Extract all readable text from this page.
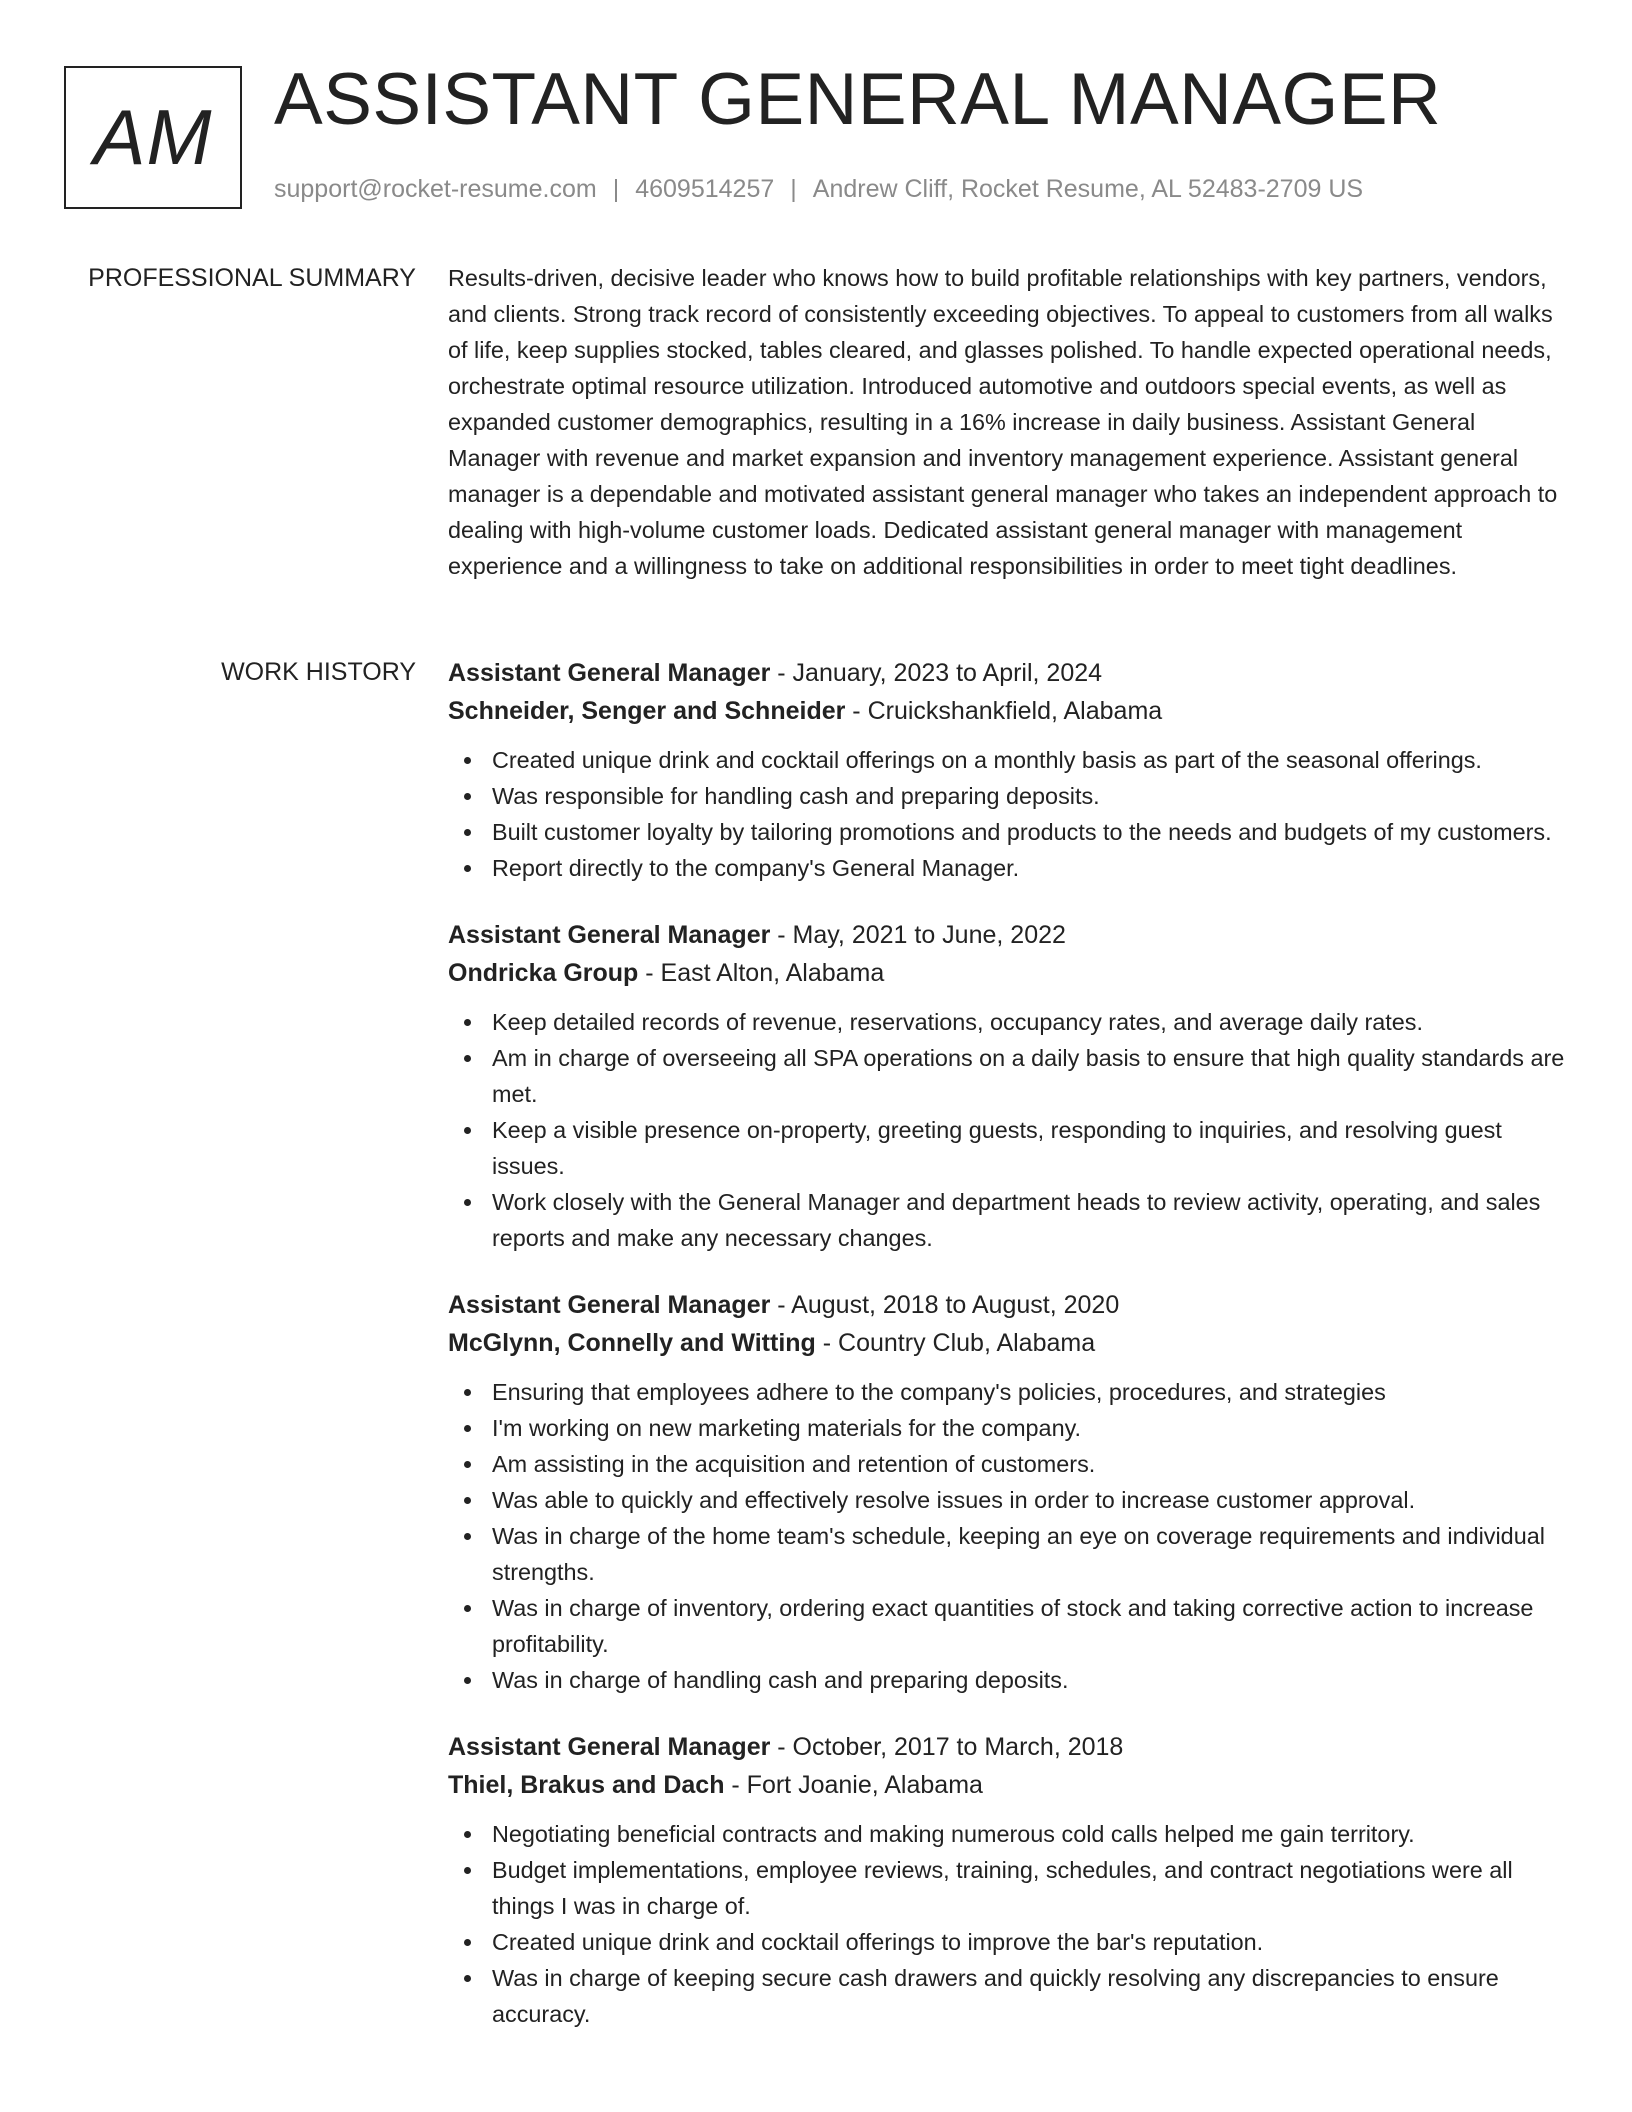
AM ASSISTANT GENERAL MANAGER
support@rocket-resume.com | 4609514257 | Andrew Cliff, Rocket Resume, AL 52483-2709 US
PROFESSIONAL SUMMARY Results-driven, decisive leader who knows how to build profitable relationships with key partners, vendors, and clients. Strong track record of consistently exceeding objectives. To appeal to customers from all walks of life, keep supplies stocked, tables cleared, and glasses polished. To handle expected operational needs, orchestrate optimal resource utilization. Introduced automotive and outdoors special events, as well as expanded customer demographics, resulting in a 16% increase in daily business. Assistant General Manager with revenue and market expansion and inventory management experience. Assistant general manager is a dependable and motivated assistant general manager who takes an independent approach to dealing with high-volume customer loads. Dedicated assistant general manager with management experience and a willingness to take on additional responsibilities in order to meet tight deadlines.

WORK HISTORY Assistant General Manager - January, 2023 to April, 2024
Schneider, Senger and Schneider - Cruickshankfield, Alabama
Created unique drink and cocktail offerings on a monthly basis as part of the seasonal offerings.
Was responsible for handling cash and preparing deposits.
Built customer loyalty by tailoring promotions and products to the needs and budgets of my customers.
Report directly to the company's General Manager.
Assistant General Manager - May, 2021 to June, 2022
Ondricka Group - East Alton, Alabama
Keep detailed records of revenue, reservations, occupancy rates, and average daily rates.
Am in charge of overseeing all SPA operations on a daily basis to ensure that high quality standards are met.
Keep a visible presence on-property, greeting guests, responding to inquiries, and resolving guest issues.
Work closely with the General Manager and department heads to review activity, operating, and sales reports and make any necessary changes.
Assistant General Manager - August, 2018 to August, 2020
McGlynn, Connelly and Witting - Country Club, Alabama
Ensuring that employees adhere to the company's policies, procedures, and strategies
I'm working on new marketing materials for the company.
Am assisting in the acquisition and retention of customers.
Was able to quickly and effectively resolve issues in order to increase customer approval.
Was in charge of the home team's schedule, keeping an eye on coverage requirements and individual strengths.
Was in charge of inventory, ordering exact quantities of stock and taking corrective action to increase profitability.
Was in charge of handling cash and preparing deposits.
Assistant General Manager - October, 2017 to March, 2018
Thiel, Brakus and Dach - Fort Joanie, Alabama
Negotiating beneficial contracts and making numerous cold calls helped me gain territory.
Budget implementations, employee reviews, training, schedules, and contract negotiations were all things I was in charge of.
Created unique drink and cocktail offerings to improve the bar's reputation.
Was in charge of keeping secure cash drawers and quickly resolving any discrepancies to ensure accuracy.
